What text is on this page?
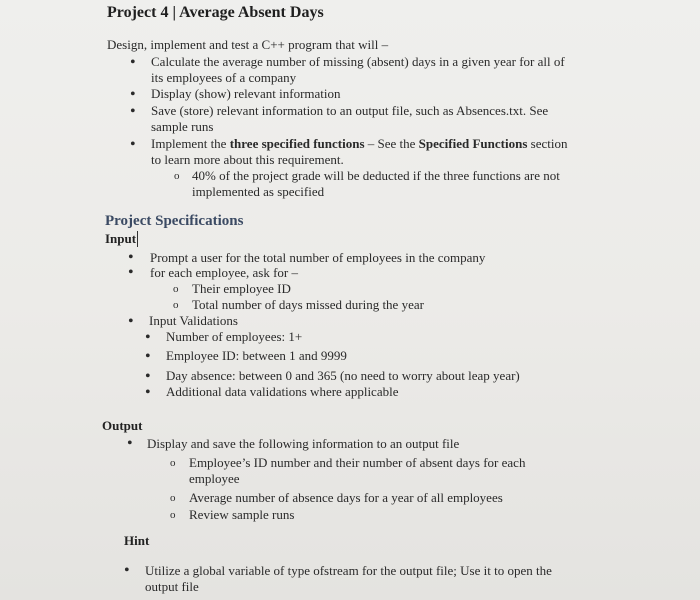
Project 4 | Average Absent Days
Design, implement and test a C++ program that will –
• Calculate the average number of missing (absent) days in a given year for all of
its employees of a company
• Display (show) relevant information
• Save (store) relevant information to an output file, such as Absences.txt. See
sample runs
• Implement the three specified functions – See the Specified Functions section
to learn more about this requirement.
o 40% of the project grade will be deducted if the three functions are not
implemented as specified
Project Specifications
Input
• Prompt a user for the total number of employees in the company
• for each employee, ask for –
o Their employee ID
o Total number of days missed during the year
• Input Validations
• Number of employees: 1+
• Employee ID: between 1 and 9999
• Day absence: between 0 and 365 (no need to worry about leap year)
• Additional data validations where applicable
Output
• Display and save the following information to an output file
o Employee’s ID number and their number of absent days for each
employee
o Average number of absence days for a year of all employees
o Review sample runs
Hint
• Utilize a global variable of type ofstream for the output file; Use it to open the
output file
